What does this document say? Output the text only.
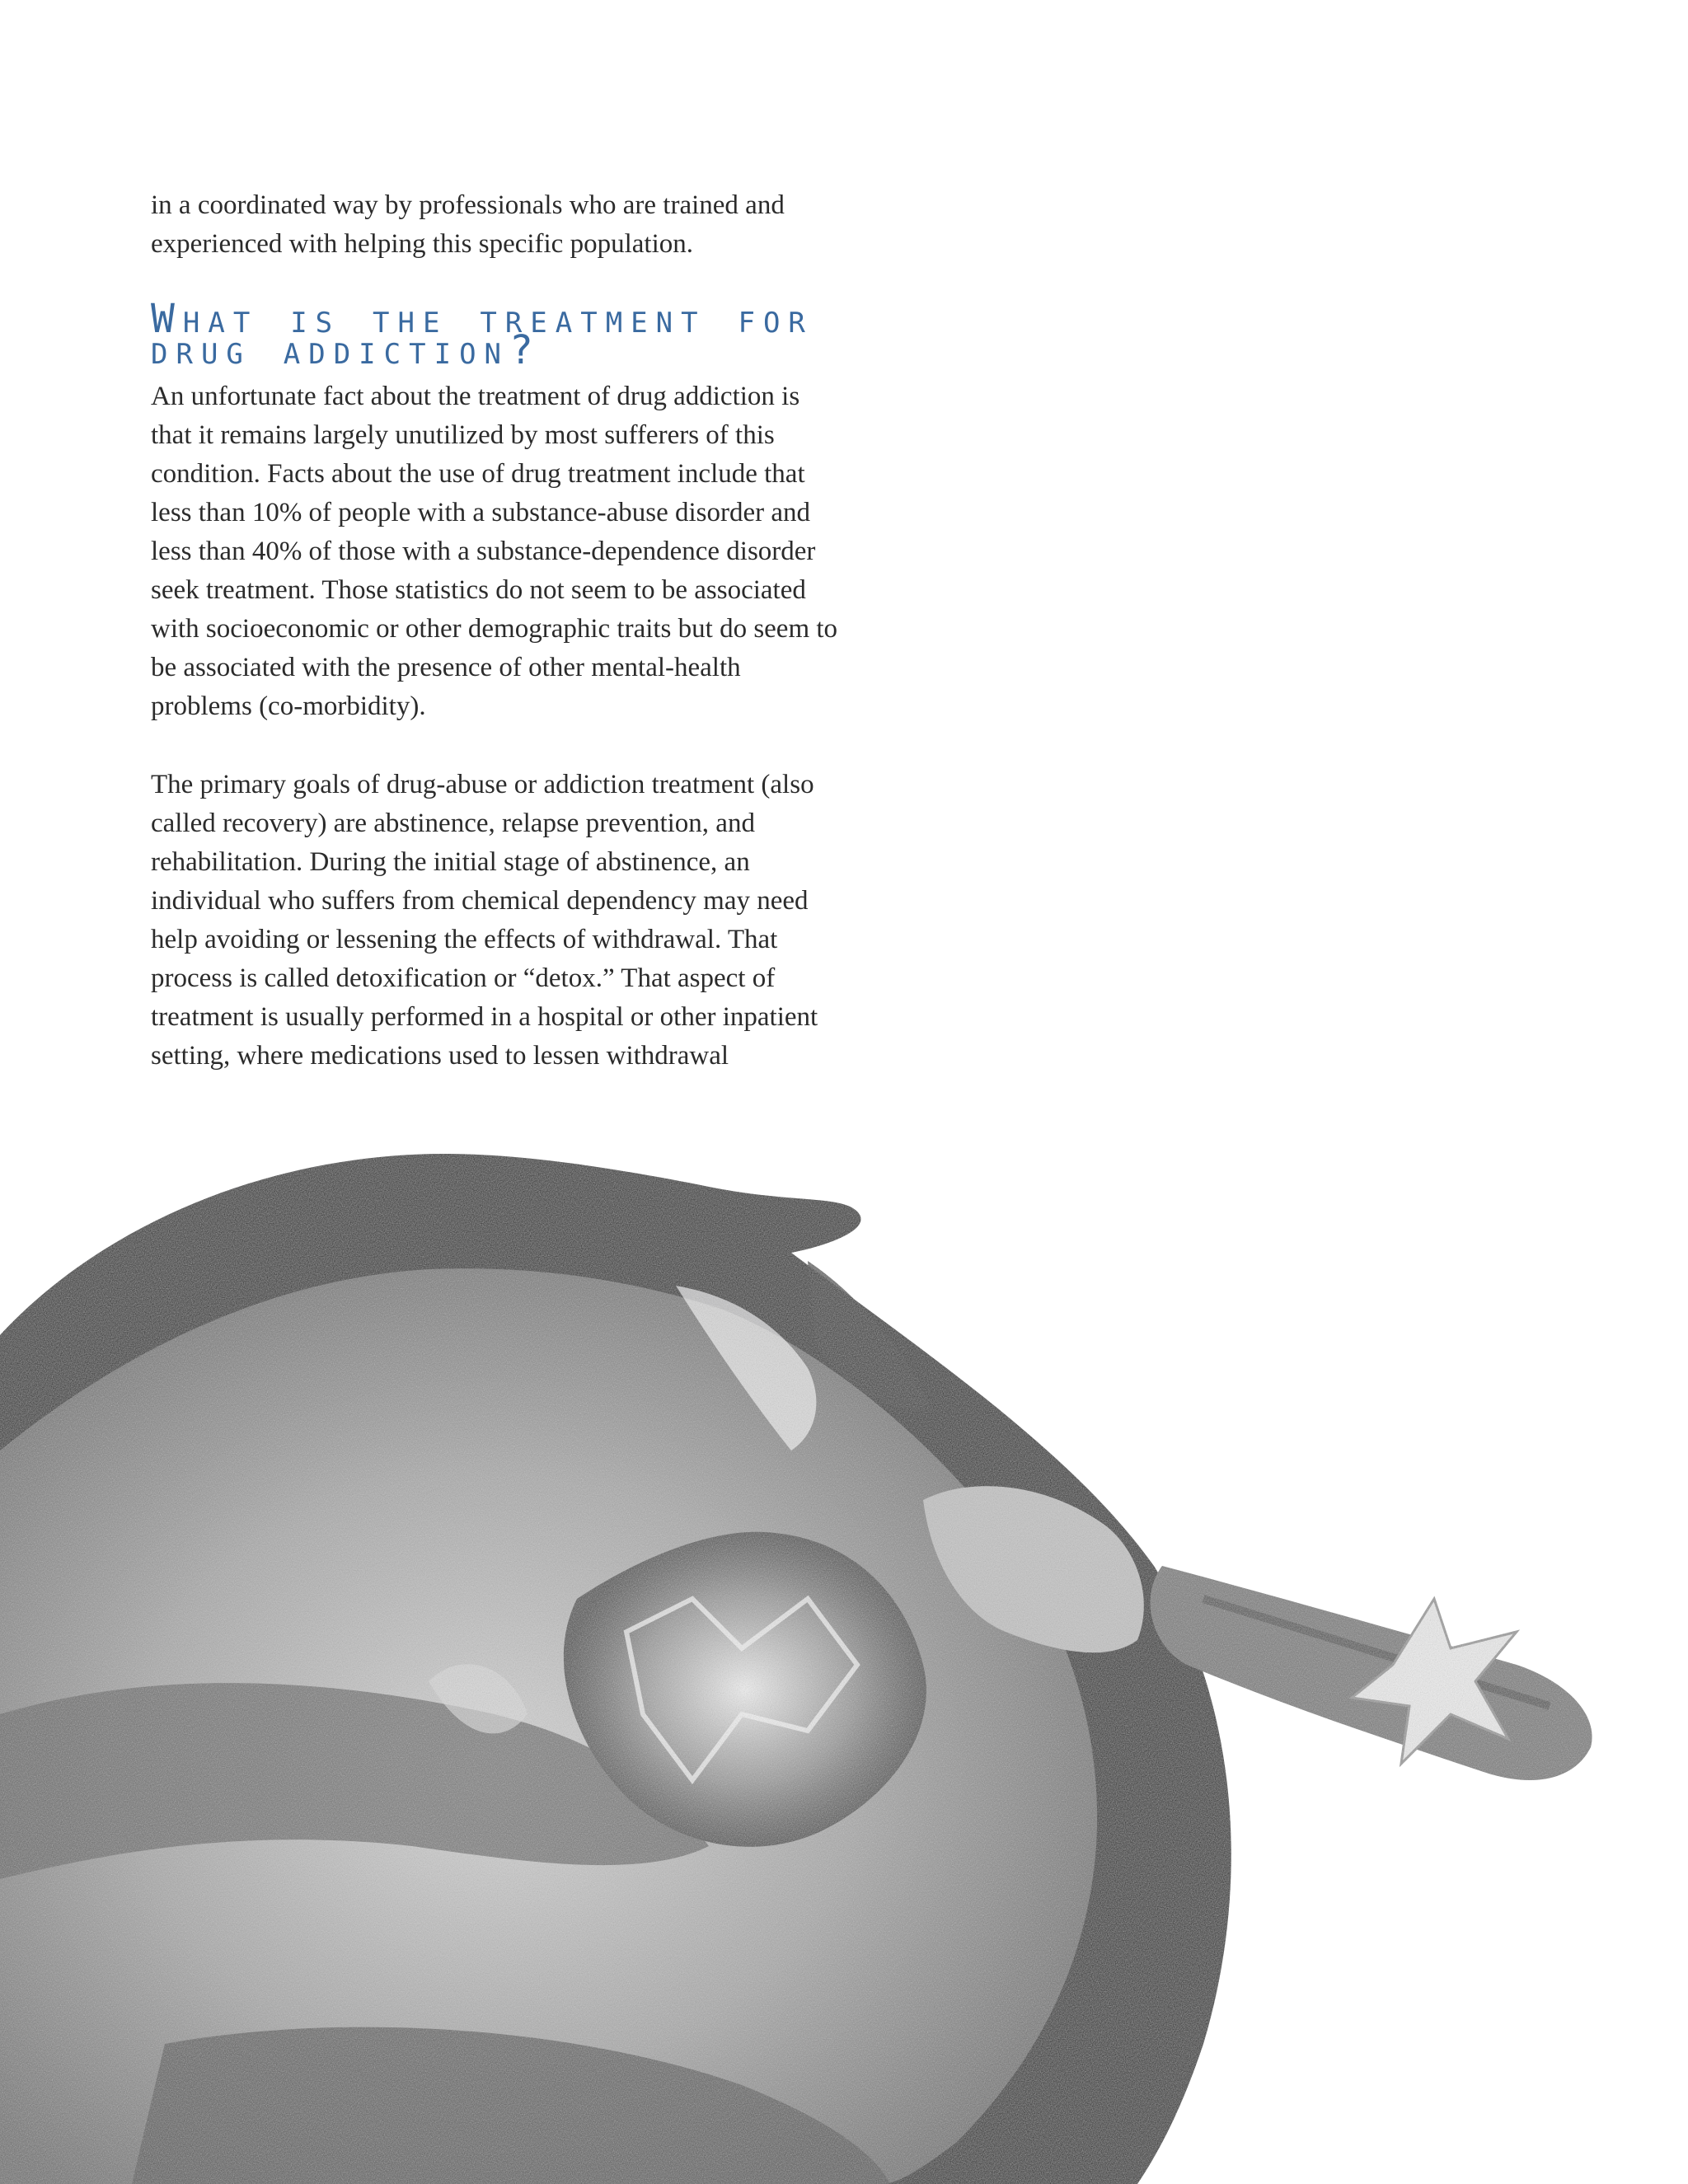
in a coordinated way by professionals who are trained and experienced with helping this specific population.

What is the treatment for drug addiction?

An unfortunate fact about the treatment of drug addiction is that it remains largely unutilized by most sufferers of this condition. Facts about the use of drug treatment include that less than 10% of people with a substance-abuse disorder and less than 40% of those with a substance-dependence disorder seek treatment. Those statistics do not seem to be associated with socioeconomic or other demographic traits but do seem to be associated with the presence of other mental-health problems (co-morbidity).

The primary goals of drug-abuse or addiction treatment (also called recovery) are abstinence, relapse prevention, and rehabilitation. During the initial stage of abstinence, an individual who suffers from chemical dependency may need help avoiding or lessening the effects of withdrawal. That process is called detoxification or “detox.” That aspect of treatment is usually performed in a hospital or other inpatient setting, where medications used to lessen withdrawal
